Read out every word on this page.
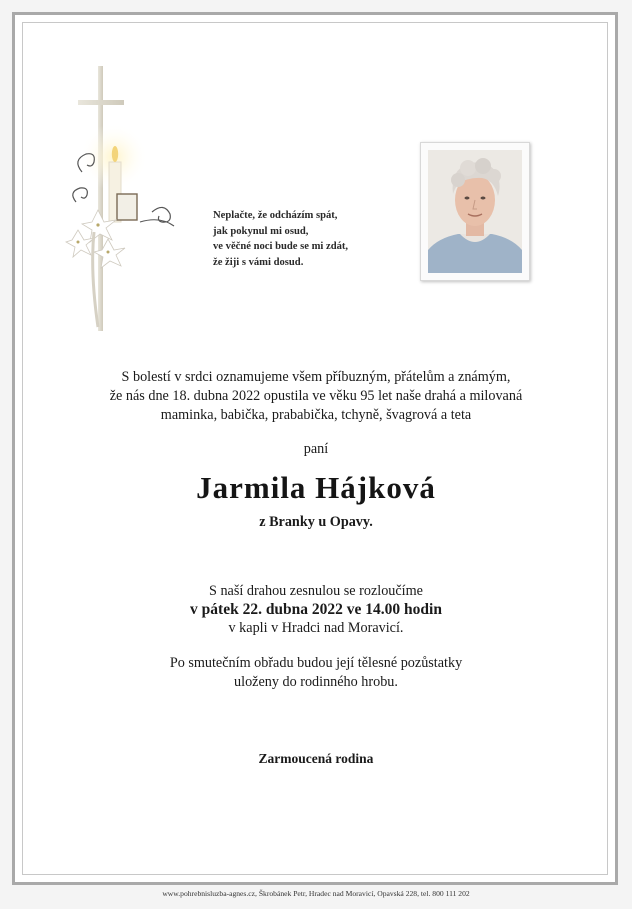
Neplačte, že odcházím spát,
jak pokynul mi osud,
ve věčné noci bude se mi zdát,
že žiji s vámi dosud.
S bolestí v srdci oznamujeme všem příbuzným, přátelům a známým,
že nás dne 18. dubna 2022 opustila ve věku 95 let naše drahá a milovaná
maminka, babička, prababička, tchyně, švagrová a teta
paní
Jarmila Hájková
z Branky u Opavy.
S naší drahou zesnulou se rozloučíme
v pátek 22. dubna 2022 ve 14.00 hodin
v kapli v Hradci nad Moravicí.
Po smutečním obřadu budou její tělesné pozůstatky
uloženy do rodinného hrobu.
Zarmoucená rodina
www.pohrebnisluzba-agnes.cz, Škrobánek Petr, Hradec nad Moravicí, Opavská 228, tel. 800 111 202
